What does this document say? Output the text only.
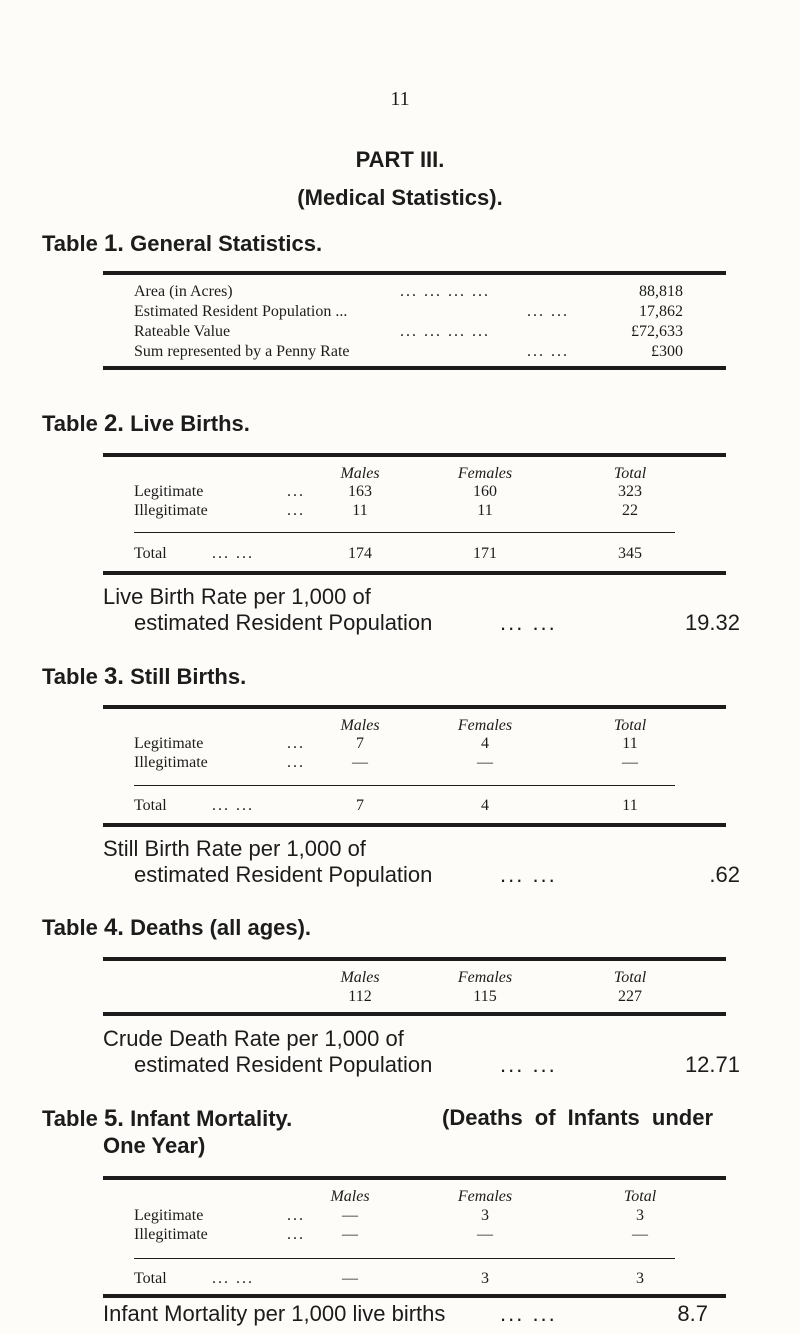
11
PART III.
(Medical Statistics).
Table 1. General Statistics.
Area (in Acres)	... ... ... ...	88,818
Estimated Resident Population ...	... ...	17,862
Rateable Value	... ... ... ...	£72,633
Sum represented by a Penny Rate	... ...	£300
Table 2. Live Births.
Males	Females	Total
Legitimate	...	163	160	323
Illegitimate	...	11	11	22
Total	... ...	174	171	345
Live Birth Rate per 1,000 of
estimated Resident Population	... ...	19.32
Table 3. Still Births.
Males	Females	Total
Legitimate	...	7	4	11
Illegitimate	...	—	—	—
Total	... ...	7	4	11
Still Birth Rate per 1,000 of
estimated Resident Population	... ...	.62
Table 4. Deaths (all ages).
Males	Females	Total
112	115	227
Crude Death Rate per 1,000 of
estimated Resident Population	... ...	12.71
Table 5. Infant Mortality.	(Deaths of Infants under
One Year)
Males	Females	Total
Legitimate	...	—	3	3
Illegitimate	...	—	—	—
Total	... ...	—	3	3
Infant Mortality per 1,000 live births ... ...	8.7
